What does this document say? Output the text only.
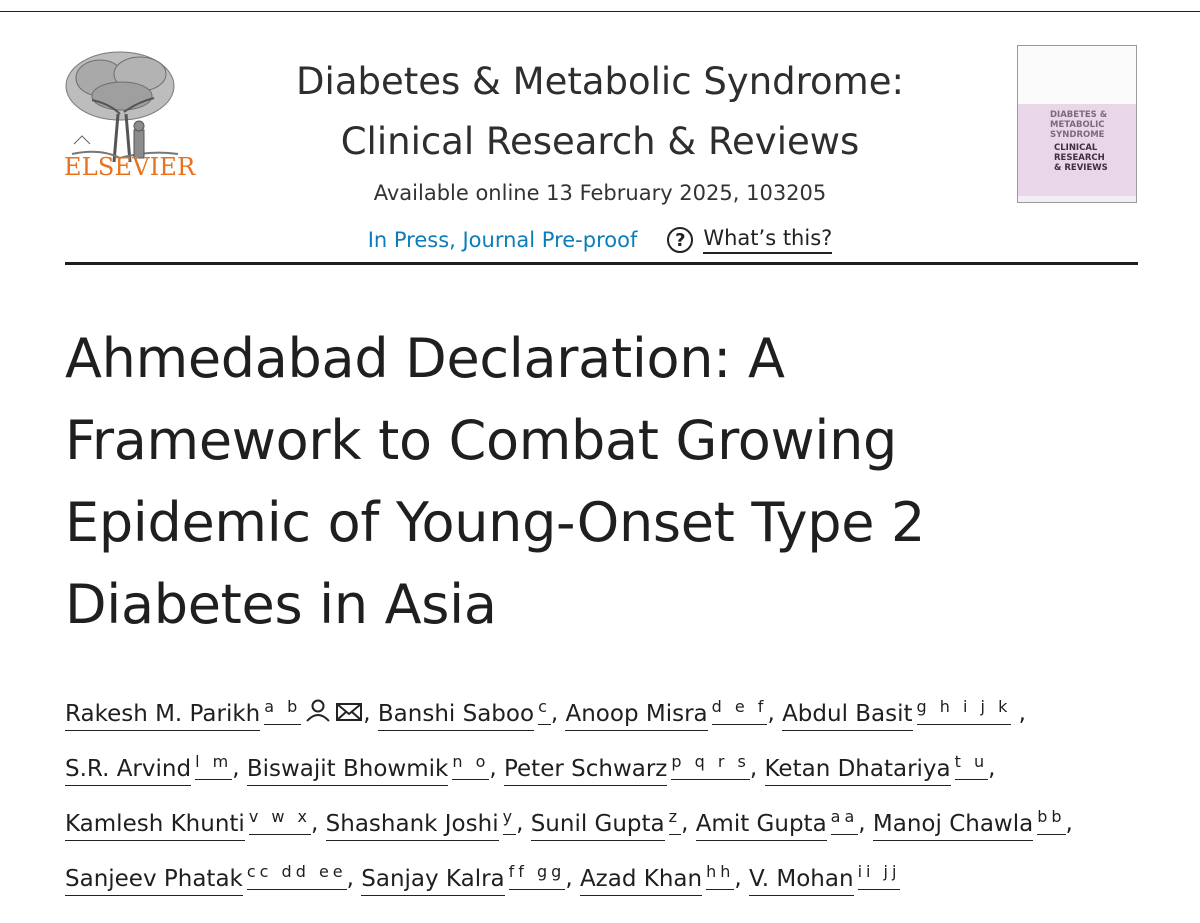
ELSEVIER
Diabetes & Metabolic Syndrome:
Clinical Research & Reviews
Available online 13 February 2025, 103205
In Press, Journal Pre-proof	? What’s this?
DIABETES &
METABOLIC
SYNDROME
CLINICAL
RESEARCH
& REVIEWS
Ahmedabad Declaration: A
Framework to Combat Growing
Epidemic of Young-Onset Type 2
Diabetes in Asia
Rakesh M. Parikh $^{a b}$	, Banshi Saboo $^c$, Anoop Misra $^{d e f}$, Abdul Basit $^{g h i j k}$ , S.R. Arvind $^{l m}$, Biswajit Bhowmik $^{n o}$, Peter Schwarz $^{p q r s}$, Ketan Dhatariya $^{t u}$, Kamlesh Khunti $^{v w x}$, Shashank Joshi $^y$, Sunil Gupta $^z$, Amit Gupta $^{aa}$, Manoj Chawla $^{bb}$, Sanjeev Phatak $^{cc dd ee}$, Sanjay Kalra $^{ff gg}$, Azad Khan $^{hh}$, V. Mohan $^{ii jj}$
